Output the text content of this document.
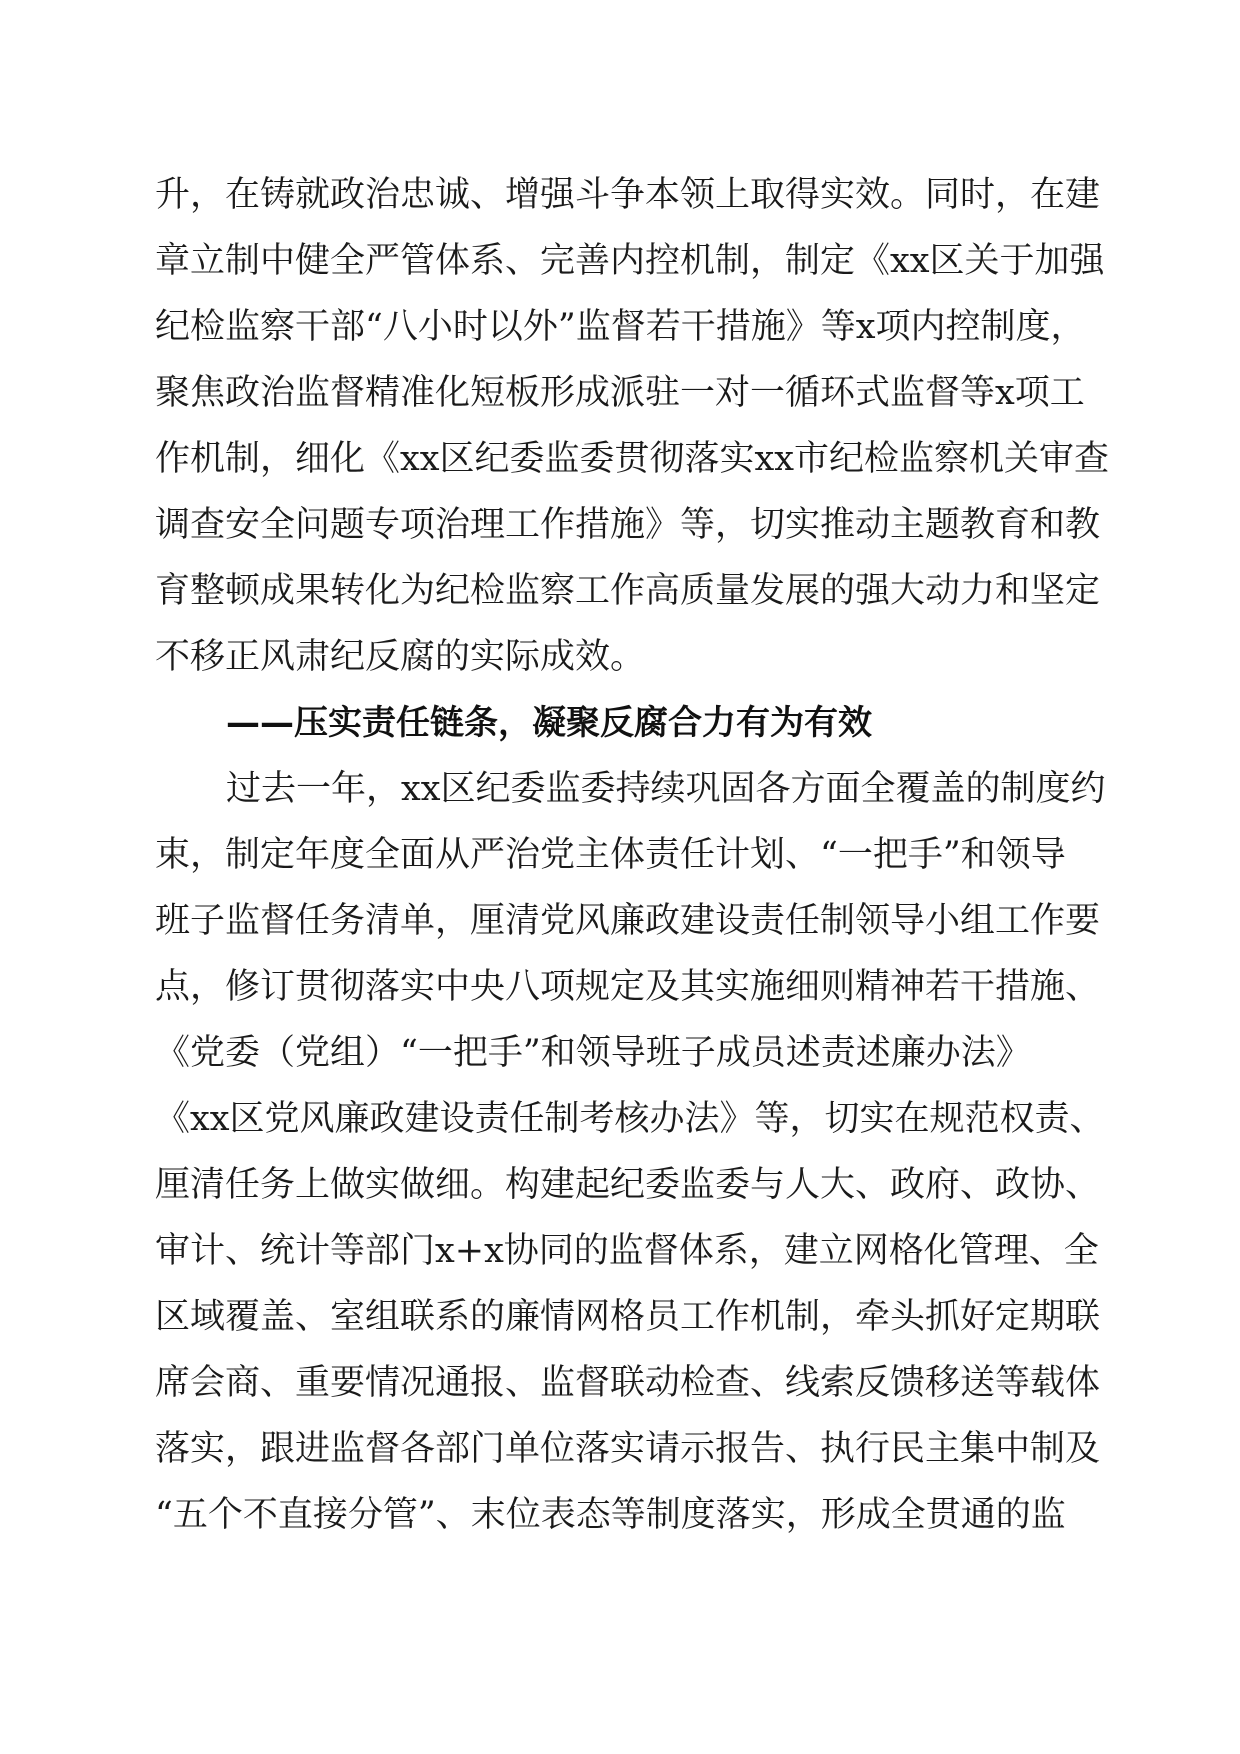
升，在铸就政治忠诚、增强斗争本领上取得实效。同时，在建

章立制中健全严管体系、完善内控机制，制定《xx区关于加强

纪检监察干部“八小时以外”监督若干措施》等x项内控制度，

聚焦政治监督精准化短板形成派驻一对一循环式监督等x项工

作机制，细化《xx区纪委监委贯彻落实xx市纪检监察机关审查

调查安全问题专项治理工作措施》等，切实推动主题教育和教

育整顿成果转化为纪检监察工作高质量发展的强大动力和坚定

不移正风肃纪反腐的实际成效。

——压实责任链条，凝聚反腐合力有为有效

过去一年，xx区纪委监委持续巩固各方面全覆盖的制度约

束，制定年度全面从严治党主体责任计划、“一把手”和领导

班子监督任务清单，厘清党风廉政建设责任制领导小组工作要

点，修订贯彻落实中央八项规定及其实施细则精神若干措施、

《党委（党组）“一把手”和领导班子成员述责述廉办法》

《xx区党风廉政建设责任制考核办法》等，切实在规范权责、

厘清任务上做实做细。构建起纪委监委与人大、政府、政协、

审计、统计等部门x+x协同的监督体系，建立网格化管理、全

区域覆盖、室组联系的廉情网格员工作机制，牵头抓好定期联

席会商、重要情况通报、监督联动检查、线索反馈移送等载体

落实，跟进监督各部门单位落实请示报告、执行民主集中制及

“五个不直接分管”、末位表态等制度落实，形成全贯通的监
